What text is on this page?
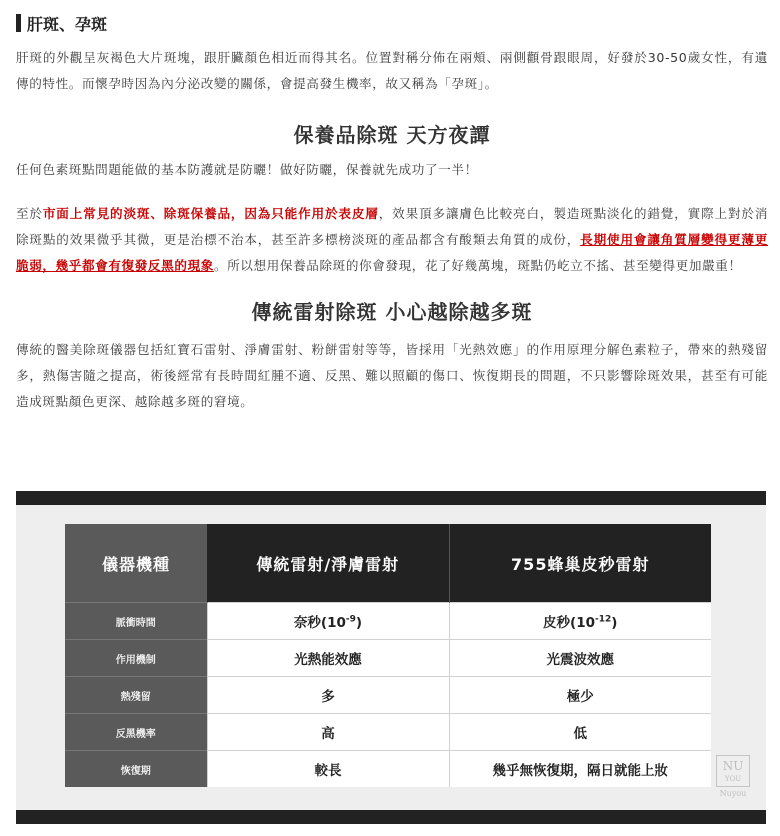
肝斑、孕斑

肝斑的外觀呈灰褐色大片斑塊，跟肝臟顏色相近而得其名。位置對稱分佈在兩頰、兩側顴骨跟眼周，好發於30-50歲女性，有遺傳的特性。而懷孕時因為內分泌改變的關係，會提高發生機率，故又稱為「孕斑」。

保養品除斑 天方夜譚

任何色素斑點問題能做的基本防護就是防曬！做好防曬，保養就先成功了一半！

至於市面上常見的淡斑、除斑保養品，因為只能作用於表皮層，效果頂多讓膚色比較亮白，製造斑點淡化的錯覺，實際上對於消除斑點的效果微乎其微，更是治標不治本，甚至許多標榜淡斑的產品都含有酸類去角質的成份，長期使用會讓角質層變得更薄更脆弱，幾乎都會有復發反黑的現象。所以想用保養品除斑的你會發現，花了好幾萬塊，斑點仍屹立不搖、甚至變得更加嚴重！

傳統雷射除斑 小心越除越多斑

傳統的醫美除斑儀器包括紅寶石雷射、淨膚雷射、粉餅雷射等等，皆採用「光熱效應」的作用原理分解色素粒子，帶來的熱殘留多，熱傷害隨之提高，術後經常有長時間紅腫不適、反黑、難以照顧的傷口、恢復期長的問題，不只影響除斑效果，甚至有可能造成斑點顏色更深、越除越多斑的窘境。

儀器機種	傳統雷射/淨膚雷射	755蜂巢皮秒雷射
脈衝時間	奈秒$(10^{-9})$	皮秒$(10^{-12})$
作用機制	光熱能效應	光震波效應
熱殘留	多	極少
反黑機率	高	低
恢復期	較長	幾乎無恢復期，隔日就能上妝	NU
YOU
Nuyou
